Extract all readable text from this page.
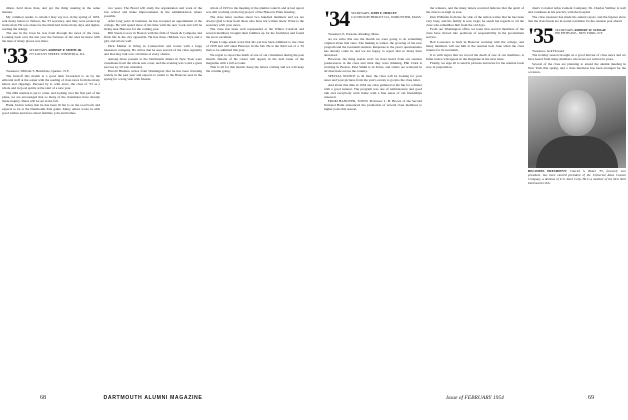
dition, hold more than, and got the thing running in the same manner.

My common reader, to whom I may say not, in the spring of 1953, sent many letters to Nelson, the '33 secretary, and they were picked up in the mail. He was alone for the mind had in the many days and nights, reading the doings.

The one in the town he was from through the news of the class. Looking back over the last year the fortunes of the ones he knew with the men of many places was there.

'33 SECRETARY, ROBERT P. SMITH JR.
275 LOCUST STREET, WINNETKA, ILL.

Treasurer, William T. Hendricks, Quebec, N.Y.

The kickoff this month is a good item forwarded to us by the editorial staff at the outset with the reading of class news from the many letters and clippings. Pursued by it, with news, the class of '33 as a whole and in good spirits at the start of a new year.

The 20th reunion is yet to come, and looking over the first part of the plans, we are encouraged that so many of the classmates have already made inquiry. Dates will be set in the fall.

Hank Jordan writes that he has been ill but is on the road back and expects to be at the Dartmouth-Yale game. Many others wrote in with good wishes and news about families, jobs and homes.

two years. The Board will study the organization and work of the law school and make improvements in the administration where possible.

After long years in business, he has accepted an appointment at the college. He will spend most of his time with the new work and will be living near Hanover for the coming year.

Bill Steele is now in Boston with the firm of Steele & Company and finds life in the city agreeable. He has three children, two boys and a girl, and all are well.

Dick Mather is living in Connecticut and works with a large insurance company. He writes that he sees several of the class regularly and that they talk over old times at every chance.

Among those present at the Dartmouth dinner in New York were classmates from the whole east coast, and the evening was voted a great success by all who attended.

Harold Hinman writes from Washington that he has been traveling widely in the past year and expects to return to the Hanover area in the spring for a long visit with friends.

whole of 1953 to the meeting of the alumni council, and at last report was still working on the big project of the Hanover Plain housing.

The class letter reaches about two hundred members and we are always glad to hear from those who have not written lately. Write to the secretary with your news.

The class has been well represented at the Winter Carnival and several members brought their families up for the festivities and found the snow excellent.

Frank Lodge sends word that his son has been admitted to the class of 1958 and will enter Hanover in the fall. He is the third son of a '33 man to be admitted this year.

We regret to report the death of one of our classmates during the past month. Details of his career will appear in the next issue of the magazine with a full account.

That is all for this month. Keep the letters coming and we will keep the column going.

68	DARTMOUTH ALUMNI MAGAZINE
'34 SECRETARY, JOHN F. HURLEY
C/O NELSON HURLEY CO., WORCESTER, MASS.

Treasurer, E. Parsons, Reading, Mass.

As we write this one the month we were going to do something original about this class. The making is winter, the growing of the new program and the twentieth reunion. Response to the year's questionnaire has already come in, and we are happy to report that so many have answered.

However, the thing stands well: we have heard from our reunion predecessors in the class and what they were thinking. Phil Clark is working in Boston, Paul Smith is in Texas, and others are scattered in all directions across the country.

SPECIAL NOTICE to all fans: the class will be looking for your news and your pictures from the year's events to go into the class letter.

And about this time in 1954 our class gathered at the Inn for a dinner with a good turnout. The program was one of reminiscence and good talk and everybody went home with a fine sense of old friendships renewed.

FROM HANOVER, TOWN, Professor L. B. Brown of the Second National Bank announced the promotion of several class members to higher posts this season.

the winners, and the many letters received indicate that the spirit of the class is as high as ever.

Dan Williams from the far side of the nation writes that he has been very busy, and his family is now large; he sends his regards to all the class who remember him from the old days.

From our Washington office we learn that several members of the class have moved into positions of responsibility in the government service.

Bob Lawrence is back in Hanover working with the college, and many members will see him at the reunion next June when the class returns for its twentieth.

It is with regret that we record the death of one of our members. A fuller notice will appear in the magazine in the next issue.

Finally, we urge all to send in pictures and news for the reunion book now in preparation.

dren's Colonial Atlas Cement Company. Dr. Charles Webber is well and continues in his practice with the hospital.

The class treasurer has made his annual report, and the figures show that the class funds are in sound condition for the reunion year ahead.

'35 SECRETARY, ROBERT W. SCHAAF
830 FIFTH AVE., NEW YORK, N.Y.

Treasurer, Jack Howard

The holiday season brought us a good harvest of class news and we have heard from many members who have not written in years.

Several of the class are planning to attend the alumni meeting in New York this spring, and a class luncheon has been arranged for the occasion.

BECOMES PRESIDENT: Charles S. Baker '35, formerly vice president, has been elected president of the Universal Atlas Cement Company, a division of U.S. Steel Corp. He is a member of the New York Dartmouth Club.

Issue of FEBRUARY 1954	69
